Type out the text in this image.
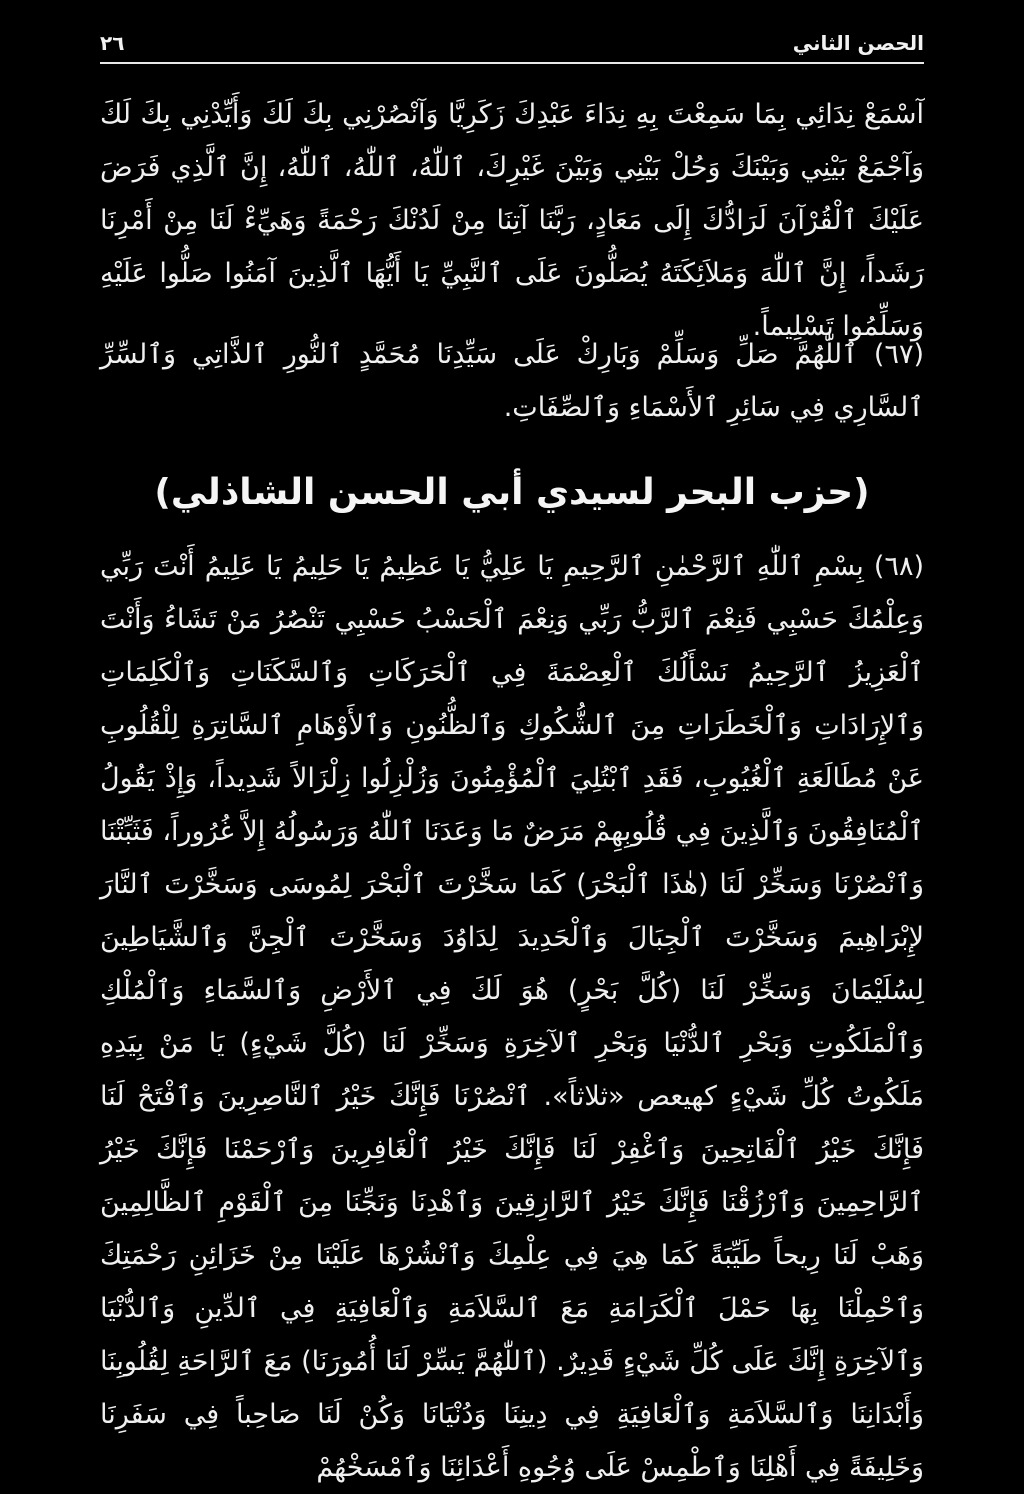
الحصن الثاني
٢٦
آسْمَعْ نِدَائِي بِمَا سَمِعْتَ بِهِ نِدَاءَ عَبْدِكَ زَكَرِيَّا وَآنْصُرْنِي بِكَ لَكَ وَأَيِّدْنِي بِكَ لَكَ وَآجْمَعْ بَيْنِي وَبَيْنَكَ وَحُلْ بَيْنِي وَبَيْنَ غَيْرِكَ، ٱللّٰهُ، ٱللّٰهُ، ٱللّٰهُ، إِنَّ ٱلَّذِي فَرَضَ عَلَيْكَ ٱلْقُرْآنَ لَرَادُّكَ إِلَى مَعَادٍ، رَبَّنَا آتِنَا مِنْ لَدُنْكَ رَحْمَةً وَهَيِّءْ لَنَا مِنْ أَمْرِنَا رَشَداً، إِنَّ ٱللّٰهَ وَمَلاَئِكَتَهُ يُصَلُّونَ عَلَى ٱلنَّبِيِّ يَا أَيُّهَا ٱلَّذِينَ آمَنُوا صَلُّوا عَلَيْهِ وَسَلِّمُوا تَسْلِيماً.
(٦٧) ٱللّٰهُمَّ صَلِّ وَسَلِّمْ وَبَارِكْ عَلَى سَيِّدِنَا مُحَمَّدٍ ٱلنُّورِ ٱلذَّاتِي وَٱلسِّرِّ ٱلسَّارِي فِي سَائِرِ ٱلأَسْمَاءِ وَٱلصِّفَاتِ.
(حزب البحر لسيدي أبي الحسن الشاذلي)
(٦٨) بِسْمِ ٱللّٰهِ ٱلرَّحْمٰنِ ٱلرَّحِيمِ يَا عَلِيُّ يَا عَظِيمُ يَا حَلِيمُ يَا عَلِيمُ أَنْتَ رَبِّي وَعِلْمُكَ حَسْبِي فَنِعْمَ ٱلرَّبُّ رَبِّي وَنِعْمَ ٱلْحَسْبُ حَسْبِي تَنْصُرُ مَنْ تَشَاءُ وَأَنْتَ ٱلْعَزِيزُ ٱلرَّحِيمُ نَسْأَلُكَ ٱلْعِصْمَةَ فِي ٱلْحَرَكَاتِ وَٱلسَّكَنَاتِ وَٱلْكَلِمَاتِ وَٱلإِرَادَاتِ وَٱلْخَطَرَاتِ مِنَ ٱلشُّكُوكِ وَٱلظُّنُونِ وَٱلأَوْهَامِ ٱلسَّاتِرَةِ لِلْقُلُوبِ عَنْ مُطَالَعَةِ ٱلْغُيُوبِ، فَقَدِ ٱبْتُلِيَ ٱلْمُؤْمِنُونَ وَزُلْزِلُوا زِلْزَالاً شَدِيداً، وَإِذْ يَقُولُ ٱلْمُنَافِقُونَ وَٱلَّذِينَ فِي قُلُوبِهِمْ مَرَضٌ مَا وَعَدَنَا ٱللّٰهُ وَرَسُولُهُ إِلاَّ غُرُوراً، فَثَبِّتْنَا وَٱنْصُرْنَا وَسَخِّرْ لَنَا (هٰذَا ٱلْبَحْرَ) كَمَا سَخَّرْتَ ٱلْبَحْرَ لِمُوسَى وَسَخَّرْتَ ٱلنَّارَ لإِبْرَاهِيمَ وَسَخَّرْتَ ٱلْجِبَالَ وَٱلْحَدِيدَ لِدَاوُدَ وَسَخَّرْتَ ٱلْجِنَّ وَٱلشَّيَاطِينَ لِسُلَيْمَانَ وَسَخِّرْ لَنَا (كُلَّ بَحْرٍ) هُوَ لَكَ فِي ٱلأَرْضِ وَٱلسَّمَاءِ وَٱلْمُلْكِ وَٱلْمَلَكُوتِ وَبَحْرِ ٱلدُّنْيَا وَبَحْرِ ٱلآخِرَةِ وَسَخِّرْ لَنَا (كُلَّ شَيْءٍ) يَا مَنْ بِيَدِهِ مَلَكُوتُ كُلِّ شَيْءٍ كهيعص «ثلاثاً». ٱنْصُرْنَا فَإِنَّكَ خَيْرُ ٱلنَّاصِرِينَ وَٱفْتَحْ لَنَا فَإِنَّكَ خَيْرُ ٱلْفَاتِحِينَ وَٱغْفِرْ لَنَا فَإِنَّكَ خَيْرُ ٱلْغَافِرِينَ وَٱرْحَمْنَا فَإِنَّكَ خَيْرُ ٱلرَّاحِمِينَ وَٱرْزُقْنَا فَإِنَّكَ خَيْرُ ٱلرَّازِقِينَ وَٱهْدِنَا وَنَجِّنَا مِنَ ٱلْقَوْمِ ٱلظَّالِمِينَ وَهَبْ لَنَا رِيحاً طَيِّبَةً كَمَا هِيَ فِي عِلْمِكَ وَٱنْشُرْهَا عَلَيْنَا مِنْ خَزَائِنِ رَحْمَتِكَ وَٱحْمِلْنَا بِهَا حَمْلَ ٱلْكَرَامَةِ مَعَ ٱلسَّلاَمَةِ وَٱلْعَافِيَةِ فِي ٱلدِّينِ وَٱلدُّنْيَا وَٱلآخِرَةِ إِنَّكَ عَلَى كُلِّ شَيْءٍ قَدِيرٌ. (ٱللّٰهُمَّ يَسِّرْ لَنَا أُمُورَنَا) مَعَ ٱلرَّاحَةِ لِقُلُوبِنَا وَأَبْدَانِنَا وَٱلسَّلاَمَةِ وَٱلْعَافِيَةِ فِي دِينِنَا وَدُنْيَانَا وَكُنْ لَنَا صَاحِباً فِي سَفَرِنَا وَخَلِيفَةً فِي أَهْلِنَا وَٱطْمِسْ عَلَى وُجُوهِ أَعْدَائِنَا وَٱمْسَخْهُمْ
